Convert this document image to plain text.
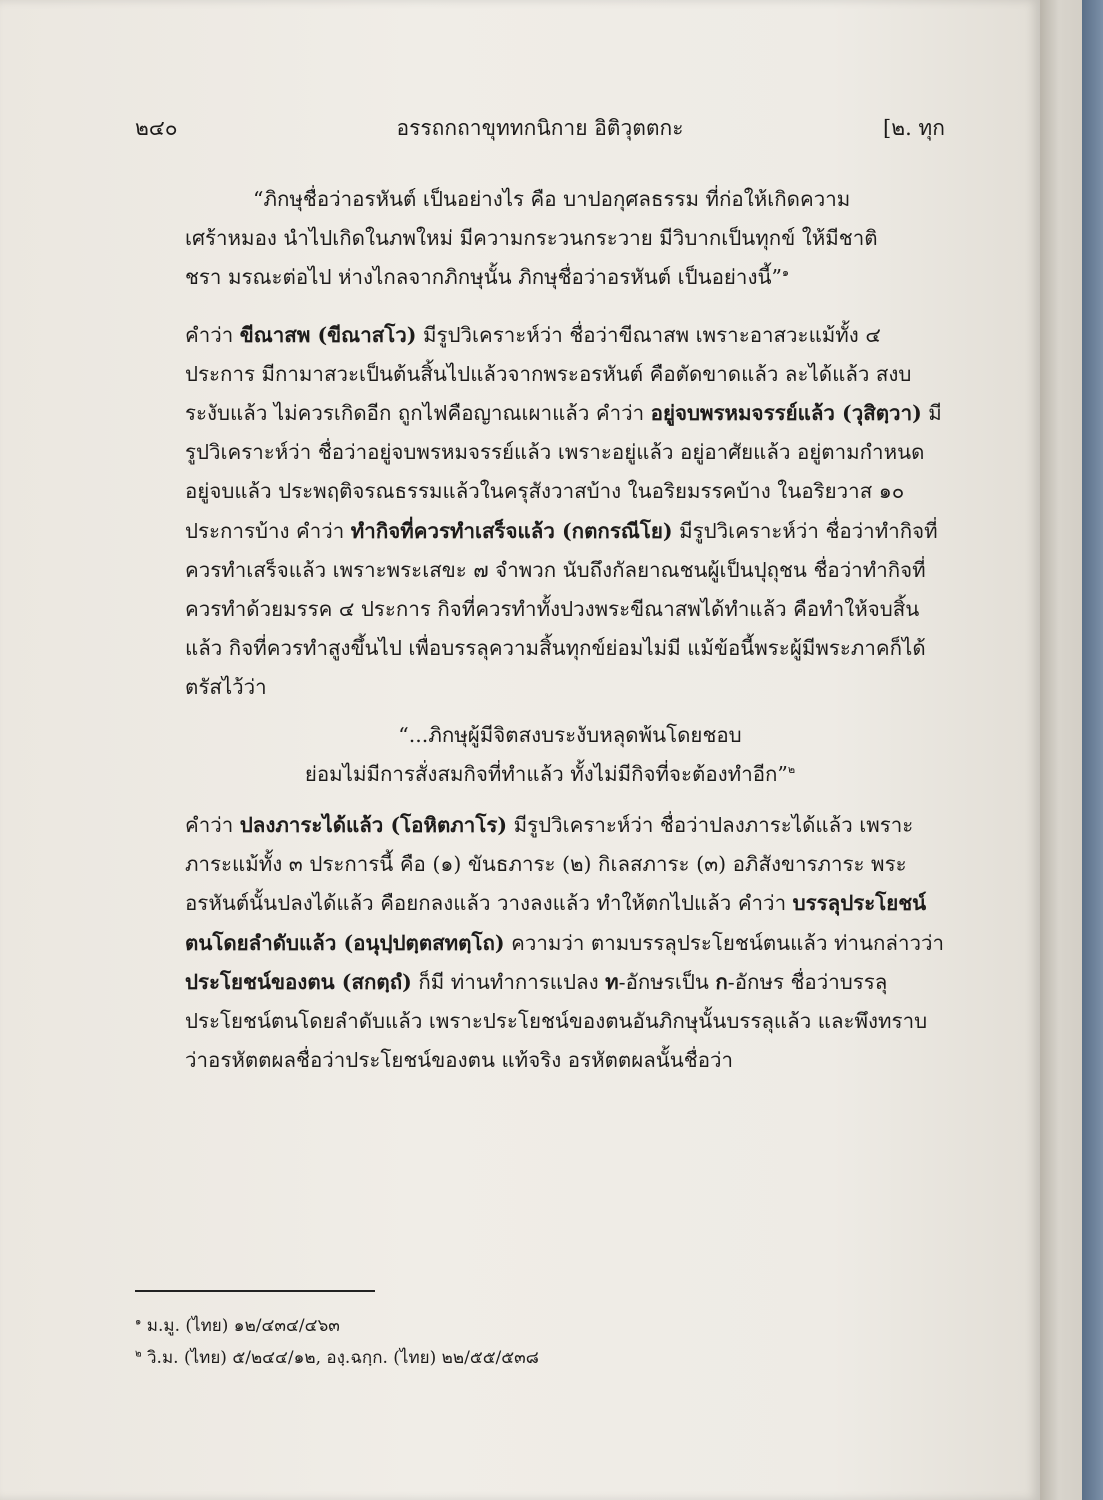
๒๔๐	อรรถกถาขุททกนิกาย อิติวุตตกะ	[๒. ทุก

“ภิกษุชื่อว่าอรหันต์ เป็นอย่างไร คือ บาปอกุศลธรรม ที่ก่อให้เกิดความ

เศร้าหมอง นำไปเกิดในภพใหม่ มีความกระวนกระวาย มีวิบากเป็นทุกข์ ให้มีชาติ

ชรา มรณะต่อไป ห่างไกลจากภิกษุนั้น ภิกษุชื่อว่าอรหันต์ เป็นอย่างนี้”$^๑$

คำว่า ขีณาสพ (ขีณาสโว) มีรูปวิเคราะห์ว่า ชื่อว่าขีณาสพ เพราะอาสวะแม้ทั้ง ๔ ประการ มีกามาสวะเป็นต้นสิ้นไปแล้วจากพระอรหันต์ คือตัดขาดแล้ว ละได้แล้ว สงบระงับแล้ว ไม่ควรเกิดอีก ถูกไฟคือญาณเผาแล้ว คำว่า อยู่จบพรหมจรรย์แล้ว (วุสิตฺวา) มีรูปวิเคราะห์ว่า ชื่อว่าอยู่จบพรหมจรรย์แล้ว เพราะอยู่แล้ว อยู่อาศัยแล้ว อยู่ตามกำหนด อยู่จบแล้ว ประพฤติจรณธรรมแล้วในครุสังวาสบ้าง ในอริยมรรคบ้าง ในอริยวาส ๑๐ ประการบ้าง คำว่า ทำกิจที่ควรทำเสร็จแล้ว (กตกรณีโย) มีรูปวิเคราะห์ว่า ชื่อว่าทำกิจที่ควรทำเสร็จแล้ว เพราะพระเสขะ ๗ จำพวก นับถึงกัลยาณชนผู้เป็นปุถุชน ชื่อว่าทำกิจที่ควรทำด้วยมรรค ๔ ประการ กิจที่ควรทำทั้งปวงพระขีณาสพได้ทำแล้ว คือทำให้จบสิ้นแล้ว กิจที่ควรทำสูงขึ้นไป เพื่อบรรลุความสิ้นทุกข์ย่อมไม่มี แม้ข้อนี้พระผู้มีพระภาคก็ได้ตรัสไว้ว่า

“...ภิกษุผู้มีจิตสงบระงับหลุดพ้นโดยชอบ

ย่อมไม่มีการสั่งสมกิจที่ทำแล้ว ทั้งไม่มีกิจที่จะต้องทำอีก”$^๒$

คำว่า ปลงภาระได้แล้ว (โอหิตภาโร) มีรูปวิเคราะห์ว่า ชื่อว่าปลงภาระได้แล้ว เพราะภาระแม้ทั้ง ๓ ประการนี้ คือ (๑) ขันธภาระ (๒) กิเลสภาระ (๓) อภิสังขารภาระ พระอรหันต์นั้นปลงได้แล้ว คือยกลงแล้ว วางลงแล้ว ทำให้ตกไปแล้ว คำว่า บรรลุประโยชน์ตนโดยลำดับแล้ว (อนุปฺปตฺตสทตฺโถ) ความว่า ตามบรรลุประโยชน์ตนแล้ว ท่านกล่าวว่า ประโยชน์ของตน (สกตฺถํ) ก็มี ท่านทำการแปลง ท-อักษรเป็น ก-อักษร ชื่อว่าบรรลุประโยชน์ตนโดยลำดับแล้ว เพราะประโยชน์ของตนอันภิกษุนั้นบรรลุแล้ว และพึงทราบว่าอรหัตตผลชื่อว่าประโยชน์ของตน แท้จริง อรหัตตผลนั้นชื่อว่า

$^๑$ ม.มู. (ไทย) ๑๒/๔๓๔/๔๖๓

$^๒$ วิ.ม. (ไทย) ๕/๒๔๔/๑๒, องฺ.ฉกฺก. (ไทย) ๒๒/๕๕/๕๓๘
